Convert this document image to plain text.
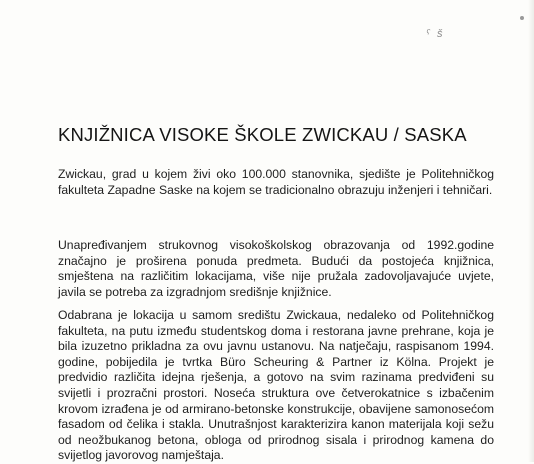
ˁ š
KNJIŽNICA VISOKE ŠKOLE ZWICKAU / SASKA

Zwickau, grad u kojem živi oko 100.000 stanovnika, sjedište je Politehničkog fakulteta Zapadne Saske na kojem se tradicionalno obrazuju inženjeri i tehničari.

Unapređivanjem strukovnog visokoškolskog obrazovanja od 1992.godine značajno je proširena ponuda predmeta. Budući da postojeća knjižnica, smještena na različitim lokacijama, više nije pružala zadovoljavajuće uvjete, javila se potreba za izgradnjom središnje knjižnice.

Odabrana je lokacija u samom središtu Zwickaua, nedaleko od Politehničkog fakulteta, na putu između studentskog doma i restorana javne prehrane, koja je bila izuzetno prikladna za ovu javnu ustanovu. Na natječaju, raspisanom 1994. godine, pobijedila je tvrtka Büro Scheuring & Partner iz Kölna. Projekt je predvidio različita idejna rješenja, a gotovo na svim razinama predviđeni su svijetli i prozračni prostori. Noseća struktura ove četverokatnice s izbačenim krovom izrađena je od armirano-betonske konstrukcije, obavijene samonosećom fasadom od čelika i stakla. Unutrašnjost karakterizira kanon materijala koji sežu od neožbukanog betona, obloga od prirodnog sisala i prirodnog kamena do svijetlog javorovog namještaja.
